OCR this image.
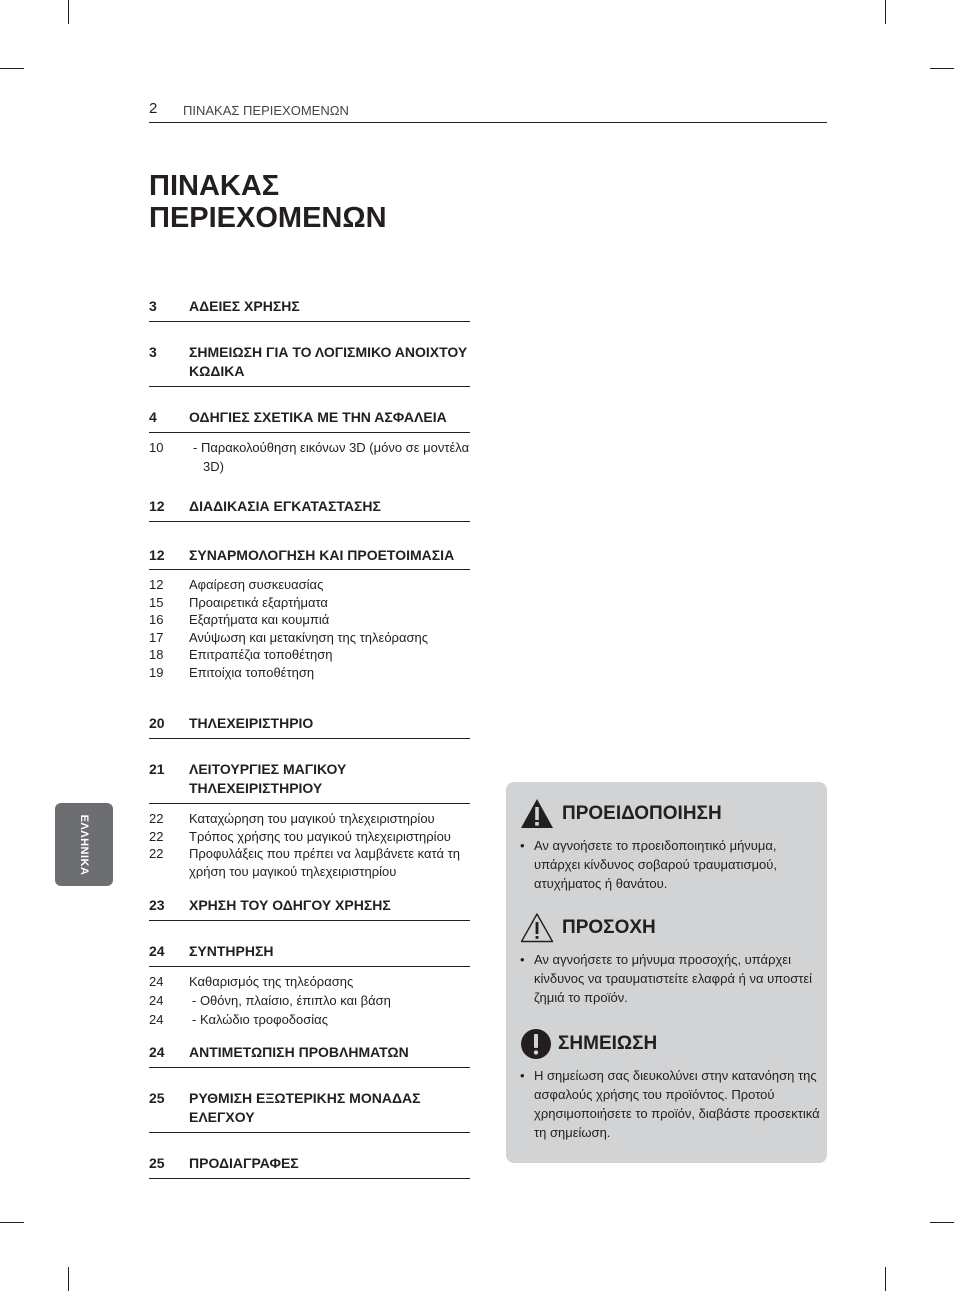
2 ΠΙΝΑΚΑΣ ΠΕΡΙΕΧΟΜΕΝΩΝ
ΠΙΝΑΚΑΣ
ΠΕΡΙΕΧΟΜΕΝΩΝ
3	ΑΔΕΙΕΣ ΧΡΗΣΗΣ
3	ΣΗΜΕΙΩΣΗ ΓΙΑ ΤΟ ΛΟΓΙΣΜΙΚΟ ΑΝΟΙΧΤΟΥ ΚΩΔΙΚΑ
4	ΟΔΗΓΙΕΣ ΣΧΕΤΙΚΑ ΜΕ ΤΗΝ ΑΣΦΑΛΕΙΑ
10	- Παρακολούθηση εικόνων 3D (μόνο σε μοντέλα 3D)
12	ΔΙΑΔΙΚΑΣΙΑ ΕΓΚΑΤΑΣΤΑΣΗΣ
12	ΣΥΝΑΡΜΟΛΟΓΗΣΗ ΚΑΙ ΠΡΟΕΤΟΙΜΑΣΙΑ
12	Αφαίρεση συσκευασίας
15	Προαιρετικά εξαρτήματα
16	Εξαρτήματα και κουμπιά
17	Ανύψωση και μετακίνηση της τηλεόρασης
18	Επιτραπέζια τοποθέτηση
19	Επιτοίχια τοποθέτηση
20	ΤΗΛΕΧΕΙΡΙΣΤΗΡΙΟ
21	ΛΕΙΤΟΥΡΓΙΕΣ ΜΑΓΙΚΟΥ ΤΗΛΕΧΕΙΡΙΣΤΗΡΙΟΥ
22	Καταχώρηση του μαγικού τηλεχειριστηρίου
22	Τρόπος χρήσης του μαγικού τηλεχειριστηρίου
22	Προφυλάξεις που πρέπει να λαμβάνετε κατά τη χρήση του μαγικού τηλεχειριστηρίου
23	ΧΡΗΣΗ ΤΟΥ ΟΔΗΓΟΥ ΧΡΗΣΗΣ
24	ΣΥΝΤΗΡΗΣΗ
24	Καθαρισμός της τηλεόρασης
24	- Οθόνη, πλαίσιο, έπιπλο και βάση
24	- Καλώδιο τροφοδοσίας
24	ΑΝΤΙΜΕΤΩΠΙΣΗ ΠΡΟΒΛΗΜΑΤΩΝ
25	ΡΥΘΜΙΣΗ ΕΞΩΤΕΡΙΚΗΣ ΜΟΝΑΔΑΣ ΕΛΕΓΧΟΥ
25	ΠΡΟΔΙΑΓΡΑΦΕΣ
ΕΛΛΗΝΙΚΑ
ΠΡΟΕΙΔΟΠΟΙΗΣΗ
• Αν αγνοήσετε το προειδοποιητικό μήνυμα, υπάρχει κίνδυνος σοβαρού τραυματισμού, ατυχήματος ή θανάτου.
ΠΡΟΣΟΧΗ
• Αν αγνοήσετε το μήνυμα προσοχής, υπάρχει κίνδυνος να τραυματιστείτε ελαφρά ή να υποστεί ζημιά το προϊόν.
ΣΗΜΕΙΩΣΗ
• Η σημείωση σας διευκολύνει στην κατανόηση της ασφαλούς χρήσης του προϊόντος. Προτού χρησιμοποιήσετε το προϊόν, διαβάστε προσεκτικά τη σημείωση.
